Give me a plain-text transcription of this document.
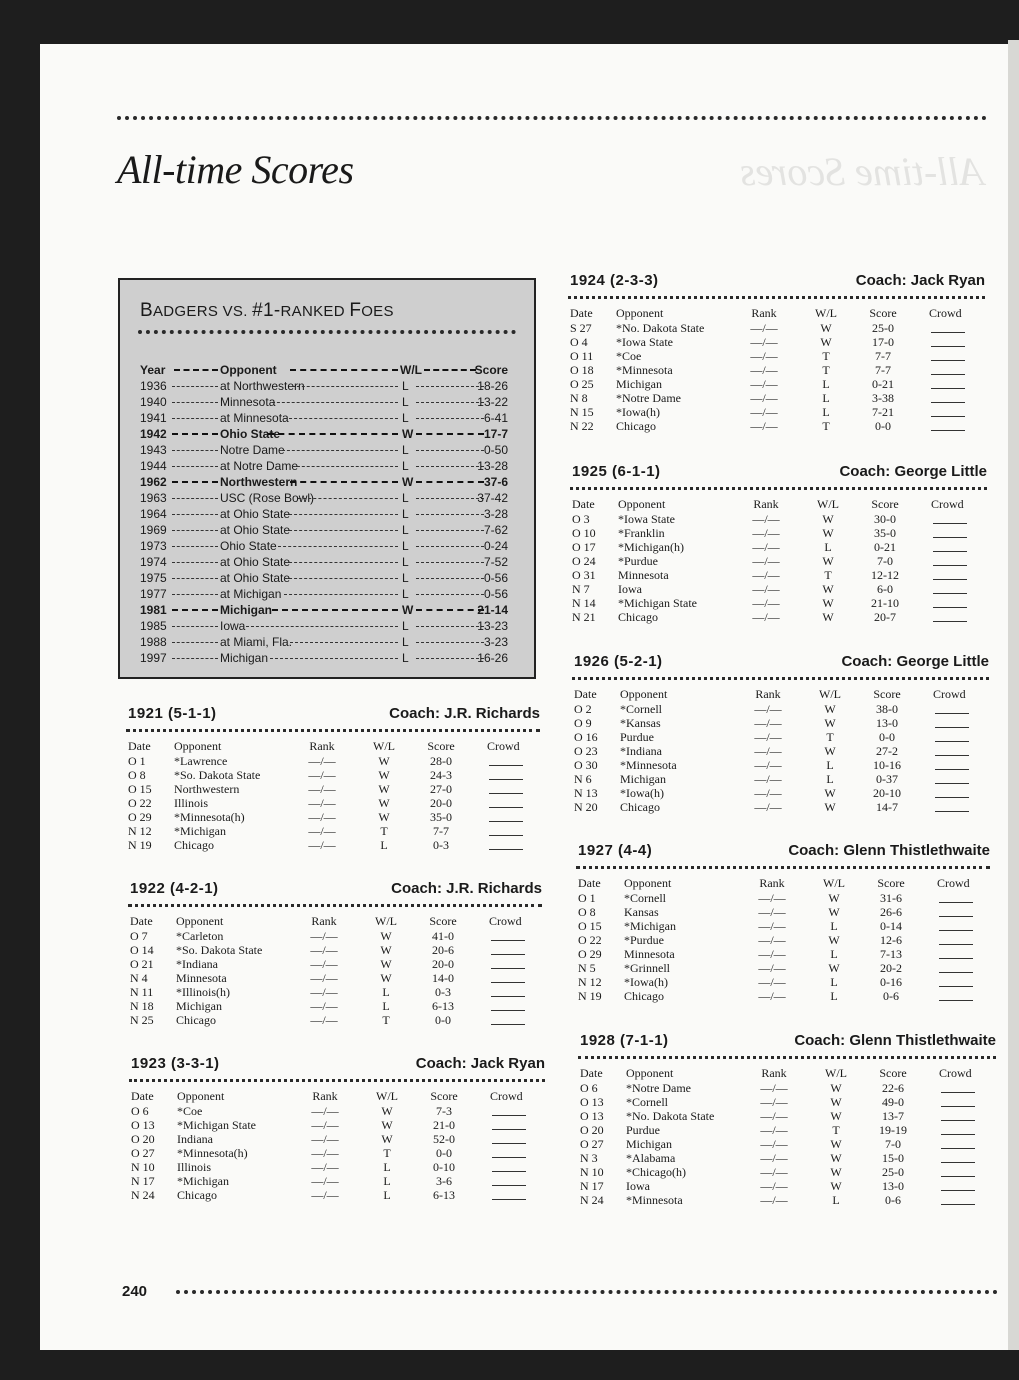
All-time Scores
All-time Scores
BADGERS VS. #1-RANKED FOES
Year	Opponent	W/L	Score
1936	at Northwestern	L	18-26
1940	Minnesota	L	13-22
1941	at Minnesota	L	6-41
1942	Ohio State	W	17-7
1943	Notre Dame	L	0-50
1944	at Notre Dame	L	13-28
1962	Northwestern	W	37-6
1963	USC (Rose Bowl)	L	37-42
1964	at Ohio State	L	3-28
1969	at Ohio State	L	7-62
1973	Ohio State	L	0-24
1974	at Ohio State	L	7-52
1975	at Ohio State	L	0-56
1977	at Michigan	L	0-56
1981	Michigan	W	21-14
1985	Iowa	L	13-23
1988	at Miami, Fla.	L	3-23
1997	Michigan	L	16-26
1921 (5-1-1)	Coach: J.R. Richards
Date Opponent	Rank	W/L	Score	Crowd
O 1 *Lawrence	—/—	W	28-0
O 8 *So. Dakota State	—/—	W	24-3
O 15 Northwestern	—/—	W	27-0
O 22 Illinois	—/—	W	20-0
O 29 *Minnesota(h)	—/—	W	35-0
N 12 *Michigan	—/—	T	7-7
N 19 Chicago	—/—	L	0-3
1922 (4-2-1)	Coach: J.R. Richards
Date Opponent	Rank	W/L	Score	Crowd
O 7 *Carleton	—/—	W	41-0
O 14 *So. Dakota State	—/—	W	20-6
O 21 *Indiana	—/—	W	20-0
N 4 Minnesota	—/—	W	14-0
N 11 *Illinois(h)	—/—	L	0-3
N 18 Michigan	—/—	L	6-13
N 25 Chicago	—/—	T	0-0
1923 (3-3-1)	Coach: Jack Ryan
Date Opponent	Rank	W/L	Score	Crowd
O 6 *Coe	—/—	W	7-3
O 13 *Michigan State	—/—	W	21-0
O 20 Indiana	—/—	W	52-0
O 27 *Minnesota(h)	—/—	T	0-0
N 10 Illinois	—/—	L	0-10
N 17 *Michigan	—/—	L	3-6
N 24 Chicago	—/—	L	6-13
1924 (2-3-3)	Coach: Jack Ryan
Date Opponent	Rank	W/L	Score	Crowd
S 27 *No. Dakota State	—/—	W	25-0
O 4 *Iowa State	—/—	W	17-0
O 11 *Coe	—/—	T	7-7
O 18 *Minnesota	—/—	T	7-7
O 25 Michigan	—/—	L	0-21
N 8 *Notre Dame	—/—	L	3-38
N 15 *Iowa(h)	—/—	L	7-21
N 22 Chicago	—/—	T	0-0
1925 (6-1-1)	Coach: George Little
Date Opponent	Rank	W/L	Score	Crowd
O 3 *Iowa State	—/—	W	30-0
O 10 *Franklin	—/—	W	35-0
O 17 *Michigan(h)	—/—	L	0-21
O 24 *Purdue	—/—	W	7-0
O 31 Minnesota	—/—	T	12-12
N 7 Iowa	—/—	W	6-0
N 14 *Michigan State	—/—	W	21-10
N 21 Chicago	—/—	W	20-7
1926 (5-2-1)	Coach: George Little
Date Opponent	Rank	W/L	Score	Crowd
O 2 *Cornell	—/—	W	38-0
O 9 *Kansas	—/—	W	13-0
O 16 Purdue	—/—	T	0-0
O 23 *Indiana	—/—	W	27-2
O 30 *Minnesota	—/—	L	10-16
N 6 Michigan	—/—	L	0-37
N 13 *Iowa(h)	—/—	W	20-10
N 20 Chicago	—/—	W	14-7
1927 (4-4)	Coach: Glenn Thistlethwaite
Date Opponent	Rank	W/L	Score	Crowd
O 1 *Cornell	—/—	W	31-6
O 8 Kansas	—/—	W	26-6
O 15 *Michigan	—/—	L	0-14
O 22 *Purdue	—/—	W	12-6
O 29 Minnesota	—/—	L	7-13
N 5 *Grinnell	—/—	W	20-2
N 12 *Iowa(h)	—/—	L	0-16
N 19 Chicago	—/—	L	0-6
1928 (7-1-1)	Coach: Glenn Thistlethwaite
Date Opponent	Rank	W/L	Score	Crowd
O 6 *Notre Dame	—/—	W	22-6
O 13 *Cornell	—/—	W	49-0
O 13 *No. Dakota State	—/—	W	13-7
O 20 Purdue	—/—	T	19-19
O 27 Michigan	—/—	W	7-0
N 3 *Alabama	—/—	W	15-0
N 10 *Chicago(h)	—/—	W	25-0
N 17 Iowa	—/—	W	13-0
N 24 *Minnesota	—/—	L	0-6
240
